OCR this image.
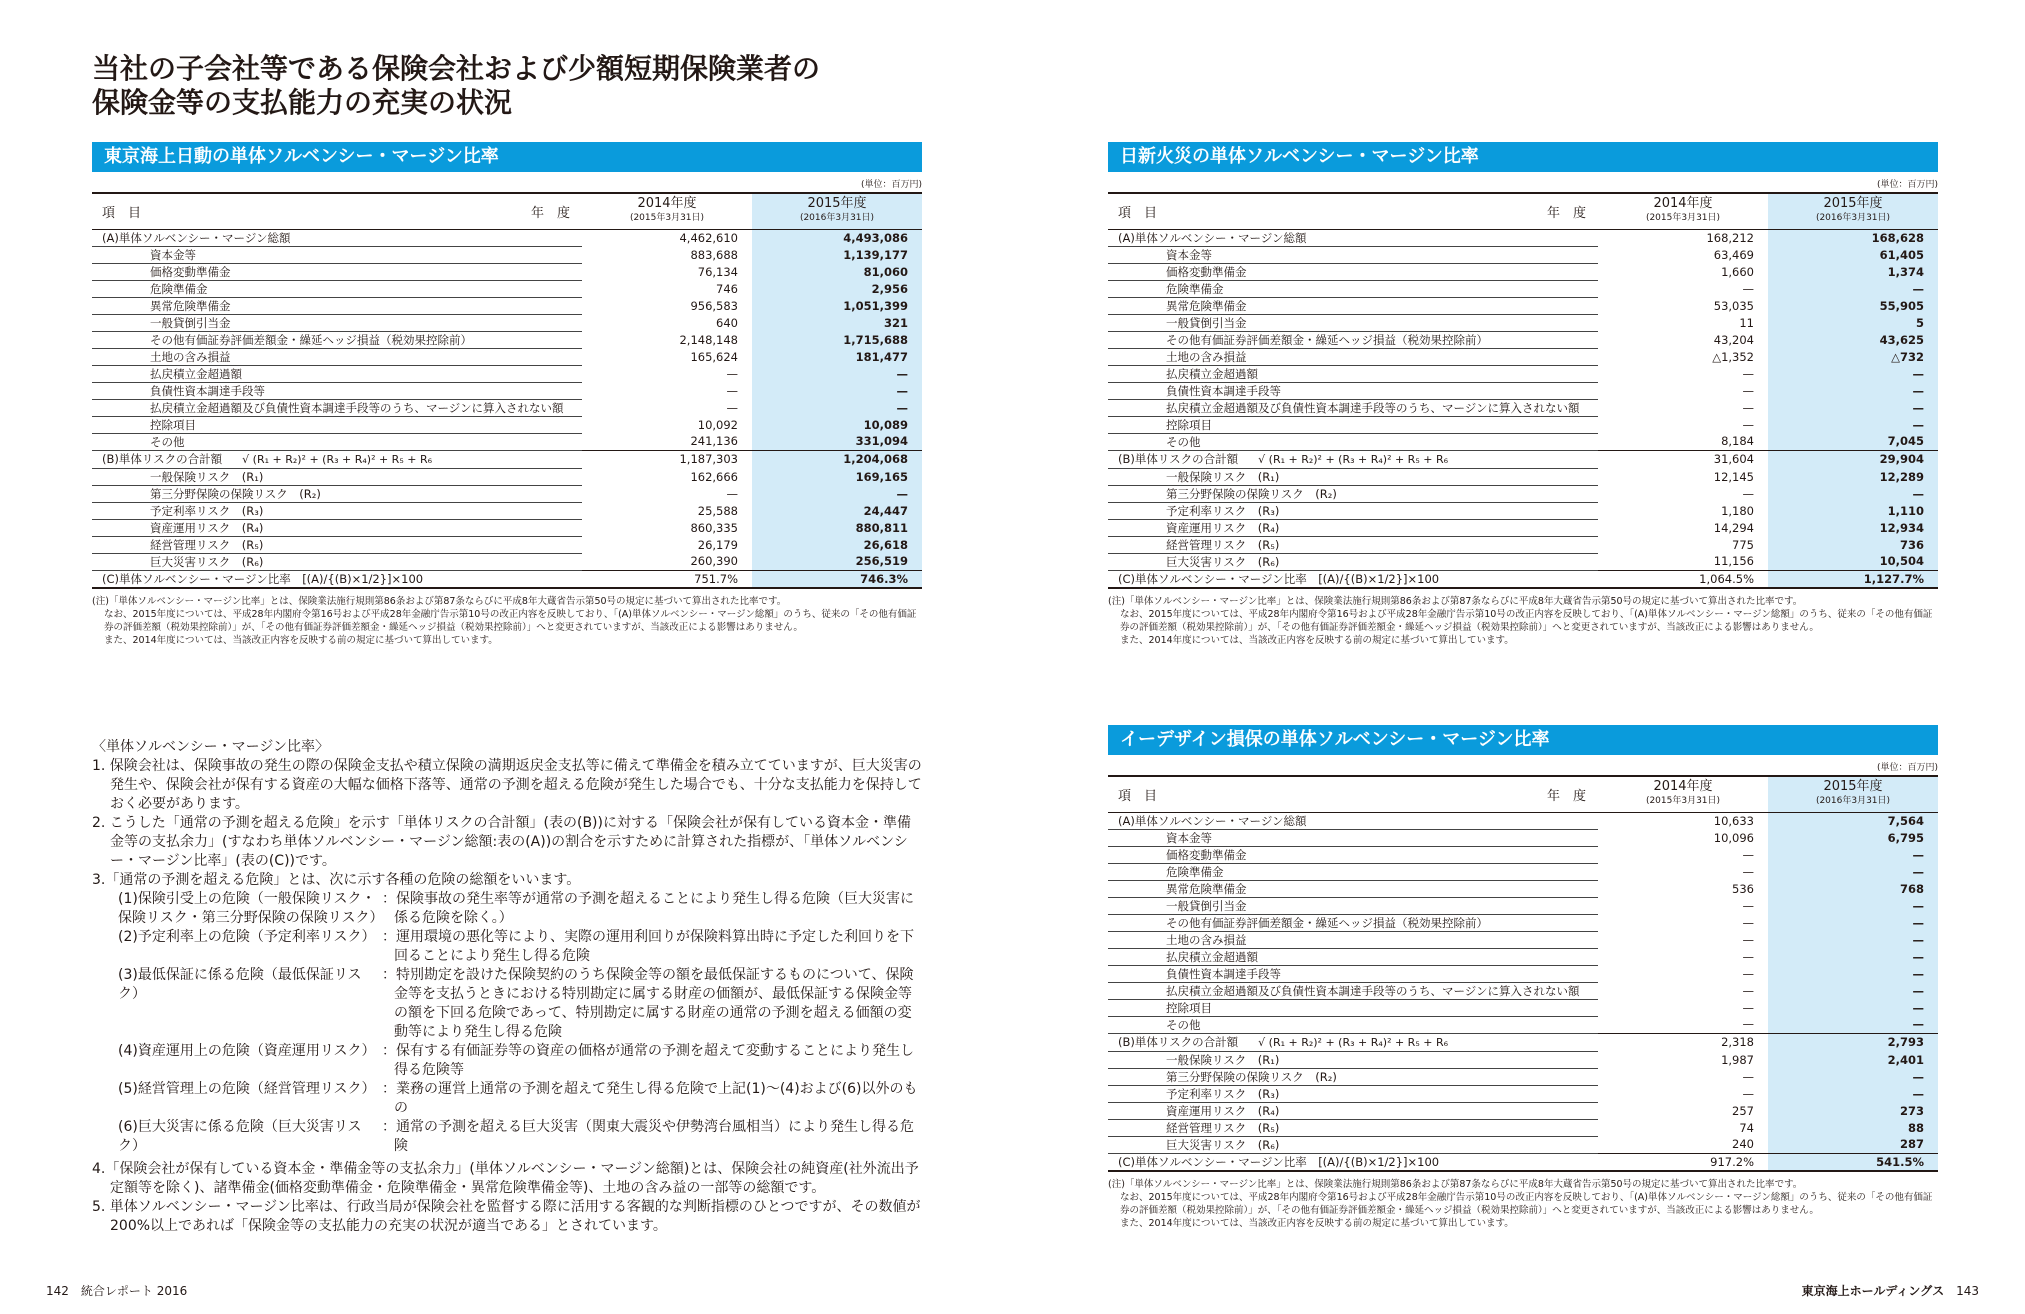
当社の子会社等である保険会社および少額短期保険業者の
保険金等の支払能力の充実の状況
東京海上日動の単体ソルベンシー・マージン比率
(単位：百万円)
項　目 年　度	2014年度
(2015年3月31日)	2015年度
(2016年3月31日)

(A)単体ソルベンシー・マージン総額	4,462,610	4,493,086
資本金等	883,688	1,139,177
価格変動準備金	76,134	81,060
危険準備金	746	2,956
異常危険準備金	956,583	1,051,399
一般貸倒引当金	640	321
その他有価証券評価差額金・繰延ヘッジ損益（税効果控除前）	2,148,148	1,715,688
土地の含み損益	165,624	181,477
払戻積立金超過額	—	—
負債性資本調達手段等	—	—
払戻積立金超過額及び負債性資本調達手段等のうち、マージンに算入されない額	—	—
控除項目	10,092	10,089
その他	241,136	331,094
(B)単体リスクの合計額 √ (R₁ + R₂)² + (R₃ + R₄)² + R₅ + R₆	1,187,303	1,204,068
一般保険リスク　(R₁)	162,666	169,165
第三分野保険の保険リスク　(R₂)	—	—
予定利率リスク　(R₃)	25,588	24,447
資産運用リスク　(R₄)	860,335	880,811
経営管理リスク　(R₅)	26,179	26,618
巨大災害リスク　(R₆)	260,390	256,519
(C)単体ソルベンシー・マージン比率　[(A)/{(B)×1/2}]×100	751.7%	746.3%
(注)「単体ソルベンシー・マージン比率」とは、保険業法施行規則第86条および第87条ならびに平成8年大蔵省告示第50号の規定に基づいて算出された比率です。
なお、2015年度については、平成28年内閣府令第16号および平成28年金融庁告示第10号の改正内容を反映しており、「(A)単体ソルベンシー・マージン総額」のうち、従来の「その他有価証券の評価差額（税効果控除前）」が、「その他有価証券評価差額金・繰延ヘッジ損益（税効果控除前）」へと変更されていますが、当該改正による影響はありません。
また、2014年度については、当該改正内容を反映する前の規定に基づいて算出しています。
〈単体ソルベンシー・マージン比率〉
1. 保険会社は、保険事故の発生の際の保険金支払や積立保険の満期返戻金支払等に備えて準備金を積み立てていますが、巨大災害の発生や、保険会社が保有する資産の大幅な価格下落等、通常の予測を超える危険が発生した場合でも、十分な支払能力を保持しておく必要があります。
2. こうした「通常の予測を超える危険」を示す「単体リスクの合計額」(表の(B))に対する「保険会社が保有している資本金・準備金等の支払余力」(すなわち単体ソルベンシー・マージン総額:表の(A))の割合を示すために計算された指標が、「単体ソルベンシー・マージン比率」(表の(C))です。
3.「通常の予測を超える危険」とは、次に示す各種の危険の総額をいいます。
(1)保険引受上の危険（一般保険リスク・保険リスク・第三分野保険の保険リスク）
：保険事故の発生率等が通常の予測を超えることにより発生し得る危険（巨大災害に係る危険を除く。）
(2)予定利率上の危険（予定利率リスク） ：運用環境の悪化等により、実際の運用利回りが保険料算出時に予定した利回りを下回ることにより発生し得る危険
(3)最低保証に係る危険（最低保証リスク）
：特別勘定を設けた保険契約のうち保険金等の額を最低保証するものについて、保険金等を支払うときにおける特別勘定に属する財産の価額が、最低保証する保険金等の額を下回る危険であって、特別勘定に属する財産の通常の予測を超える価額の変動等により発生し得る危険
(4)資産運用上の危険（資産運用リスク） ：保有する有価証券等の資産の価格が通常の予測を超えて変動することにより発生し得る危険等
(5)経営管理上の危険（経営管理リスク） ：業務の運営上通常の予測を超えて発生し得る危険で上記(1)～(4)および(6)以外のもの
(6)巨大災害に係る危険（巨大災害リスク）
：通常の予測を超える巨大災害（関東大震災や伊勢湾台風相当）により発生し得る危険
4.「保険会社が保有している資本金・準備金等の支払余力」(単体ソルベンシー・マージン総額)とは、保険会社の純資産(社外流出予定額等を除く)、諸準備金(価格変動準備金・危険準備金・異常危険準備金等)、土地の含み益の一部等の総額です。
5. 単体ソルベンシー・マージン比率は、行政当局が保険会社を監督する際に活用する客観的な判断指標のひとつですが、その数値が200%以上であれば「保険金等の支払能力の充実の状況が適当である」とされています。
日新火災の単体ソルベンシー・マージン比率
(単位：百万円)
項　目 年　度	2014年度
(2015年3月31日)	2015年度
(2016年3月31日)

(A)単体ソルベンシー・マージン総額	168,212	168,628
資本金等	63,469	61,405
価格変動準備金	1,660	1,374
危険準備金	—	—
異常危険準備金	53,035	55,905
一般貸倒引当金	11	5
その他有価証券評価差額金・繰延ヘッジ損益（税効果控除前）	43,204	43,625
土地の含み損益	△1,352	△732
払戻積立金超過額	—	—
負債性資本調達手段等	—	—
払戻積立金超過額及び負債性資本調達手段等のうち、マージンに算入されない額	—	—
控除項目	—	—
その他	8,184	7,045
(B)単体リスクの合計額 √ (R₁ + R₂)² + (R₃ + R₄)² + R₅ + R₆	31,604	29,904
一般保険リスク　(R₁)	12,145	12,289
第三分野保険の保険リスク　(R₂)	—	—
予定利率リスク　(R₃)	1,180	1,110
資産運用リスク　(R₄)	14,294	12,934
経営管理リスク　(R₅)	775	736
巨大災害リスク　(R₆)	11,156	10,504
(C)単体ソルベンシー・マージン比率　[(A)/{(B)×1/2}]×100	1,064.5%	1,127.7%
(注)「単体ソルベンシー・マージン比率」とは、保険業法施行規則第86条および第87条ならびに平成8年大蔵省告示第50号の規定に基づいて算出された比率です。
なお、2015年度については、平成28年内閣府令第16号および平成28年金融庁告示第10号の改正内容を反映しており、「(A)単体ソルベンシー・マージン総額」のうち、従来の「その他有価証券の評価差額（税効果控除前）」が、「その他有価証券評価差額金・繰延ヘッジ損益（税効果控除前）」へと変更されていますが、当該改正による影響はありません。
また、2014年度については、当該改正内容を反映する前の規定に基づいて算出しています。
イーデザイン損保の単体ソルベンシー・マージン比率
(単位：百万円)
項　目 年　度	2014年度
(2015年3月31日)	2015年度
(2016年3月31日)

(A)単体ソルベンシー・マージン総額	10,633	7,564
資本金等	10,096	6,795
価格変動準備金	—	—
危険準備金	—	—
異常危険準備金	536	768
一般貸倒引当金	—	—
その他有価証券評価差額金・繰延ヘッジ損益（税効果控除前）	—	—
土地の含み損益	—	—
払戻積立金超過額	—	—
負債性資本調達手段等	—	—
払戻積立金超過額及び負債性資本調達手段等のうち、マージンに算入されない額	—	—
控除項目	—	—
その他	—	—
(B)単体リスクの合計額 √ (R₁ + R₂)² + (R₃ + R₄)² + R₅ + R₆	2,318	2,793
一般保険リスク　(R₁)	1,987	2,401
第三分野保険の保険リスク　(R₂)	—	—
予定利率リスク　(R₃)	—	—
資産運用リスク　(R₄)	257	273
経営管理リスク　(R₅)	74	88
巨大災害リスク　(R₆)	240	287
(C)単体ソルベンシー・マージン比率　[(A)/{(B)×1/2}]×100	917.2%	541.5%
(注)「単体ソルベンシー・マージン比率」とは、保険業法施行規則第86条および第87条ならびに平成8年大蔵省告示第50号の規定に基づいて算出された比率です。
なお、2015年度については、平成28年内閣府令第16号および平成28年金融庁告示第10号の改正内容を反映しており、「(A)単体ソルベンシー・マージン総額」のうち、従来の「その他有価証券の評価差額（税効果控除前）」が、「その他有価証券評価差額金・繰延ヘッジ損益（税効果控除前）」へと変更されていますが、当該改正による影響はありません。
また、2014年度については、当該改正内容を反映する前の規定に基づいて算出しています。
142　 統合レポート 2016	東京海上ホールディングス　 143
